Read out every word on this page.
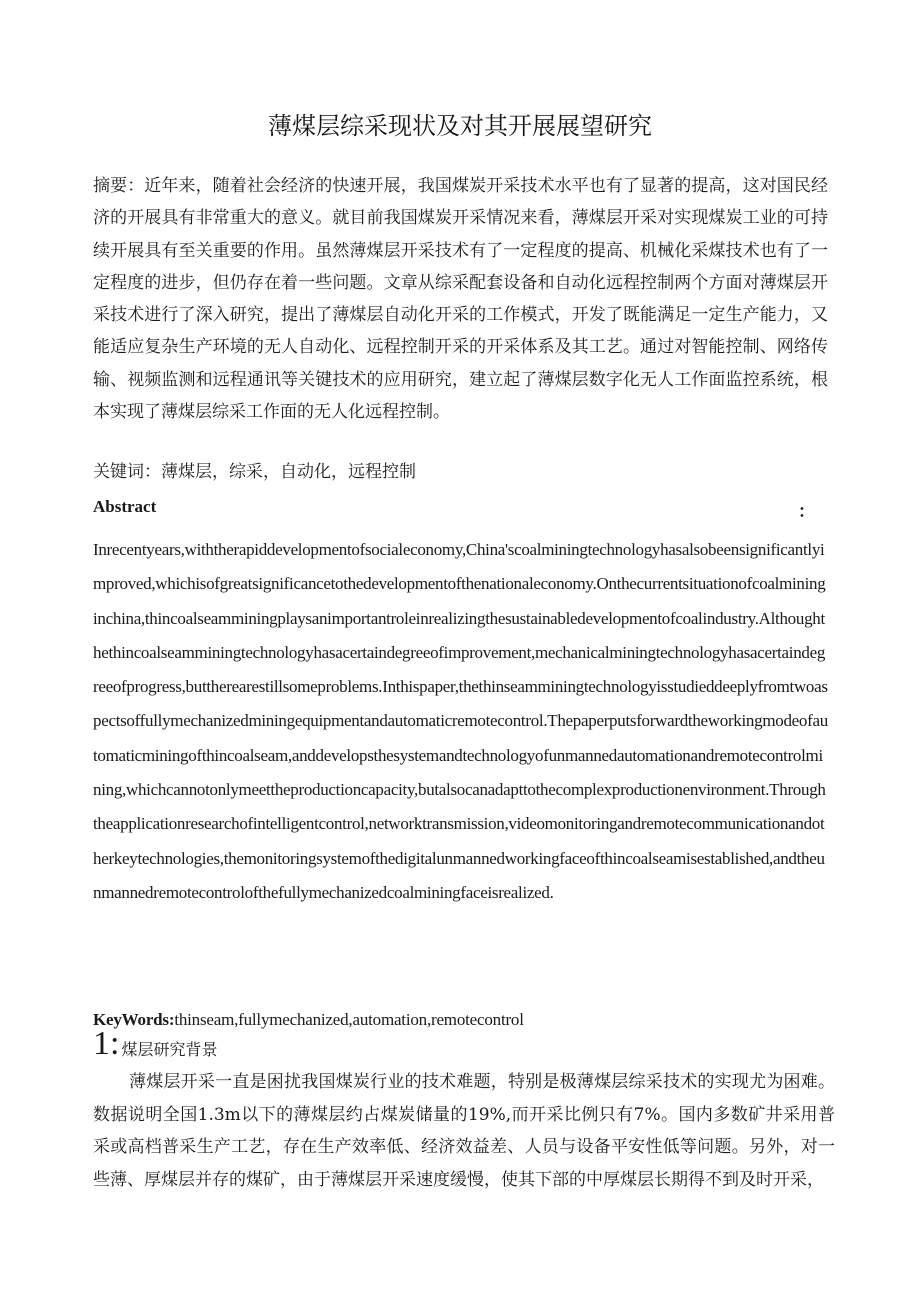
薄煤层综采现状及对其开展展望研究
摘要：近年来，随着社会经济的快速开展，我国煤炭开采技术水平也有了显著的提高，这对国民经济的开展具有非常重大的意义。就目前我国煤炭开采情况来看，薄煤层开采对实现煤炭工业的可持续开展具有至关重要的作用。虽然薄煤层开采技术有了一定程度的提高、机械化采煤技术也有了一定程度的进步，但仍存在着一些问题。文章从综采配套设备和自动化远程控制两个方面对薄煤层开采技术进行了深入研究，提出了薄煤层自动化开采的工作模式，开发了既能满足一定生产能力，又能适应复杂生产环境的无人自动化、远程控制开采的开采体系及其工艺。通过对智能控制、网络传输、视频监测和远程通讯等关键技术的应用研究，建立起了薄煤层数字化无人工作面监控系统，根本实现了薄煤层综采工作面的无人化远程控制。
关键词：薄煤层，综采，自动化，远程控制
Abstract	：
Inrecentyears,withtherapiddevelopmentofsocialeconomy,China'scoalminingtechnologyhasalsobeensignificantlyimproved,whichisofgreatsignificancetothedevelopmentofthenationaleconomy.Onthecurrentsituationofcoalmininginchina,thincoalseamminingplaysanimportantroleinrealizingthesustainabledevelopmentofcoalindustry.Althoughthethincoalseamminingtechnologyhasacertaindegreeofimprovement,mechanicalminingtechnologyhasacertaindegreeofprogress,buttherearestillsomeproblems.Inthispaper,thethinseamminingtechnologyisstudieddeeplyfromtwoaspectsoffullymechanizedminingequipmentandautomaticremotecontrol.Thepaperputsforwardtheworkingmodeofautomaticminingofthincoalseam,anddevelopsthesystemandtechnologyofunmannedautomationandremotecontrolmining,whichcannotonlymeettheproductioncapacity,butalsocanadapttothecomplexproductionenvironment.Throughtheapplicationresearchofintelligentcontrol,networktransmission,videomonitoringandremotecommunicationandotherkeytechnologies,themonitoringsystemofthedigitalunmannedworkingfaceofthincoalseamisestablished,andtheunmannedremotecontrolofthefullymechanizedcoalminingfaceisrealized.
KeyWords:thinseam,fullymechanized,automation,remotecontrol
1: 煤层研究背景
薄煤层开采一直是困扰我国煤炭行业的技术难题，特别是极薄煤层综采技术的实现尤为困难。数据说明全国1.3m以下的薄煤层约占煤炭储量的19%,而开采比例只有7%。国内多数矿井采用普采或高档普采生产工艺，存在生产效率低、经济效益差、人员与设备平安性低等问题。另外，对一些薄、厚煤层并存的煤矿，由于薄煤层开采速度缓慢，使其下部的中厚煤层长期得不到及时开采，
